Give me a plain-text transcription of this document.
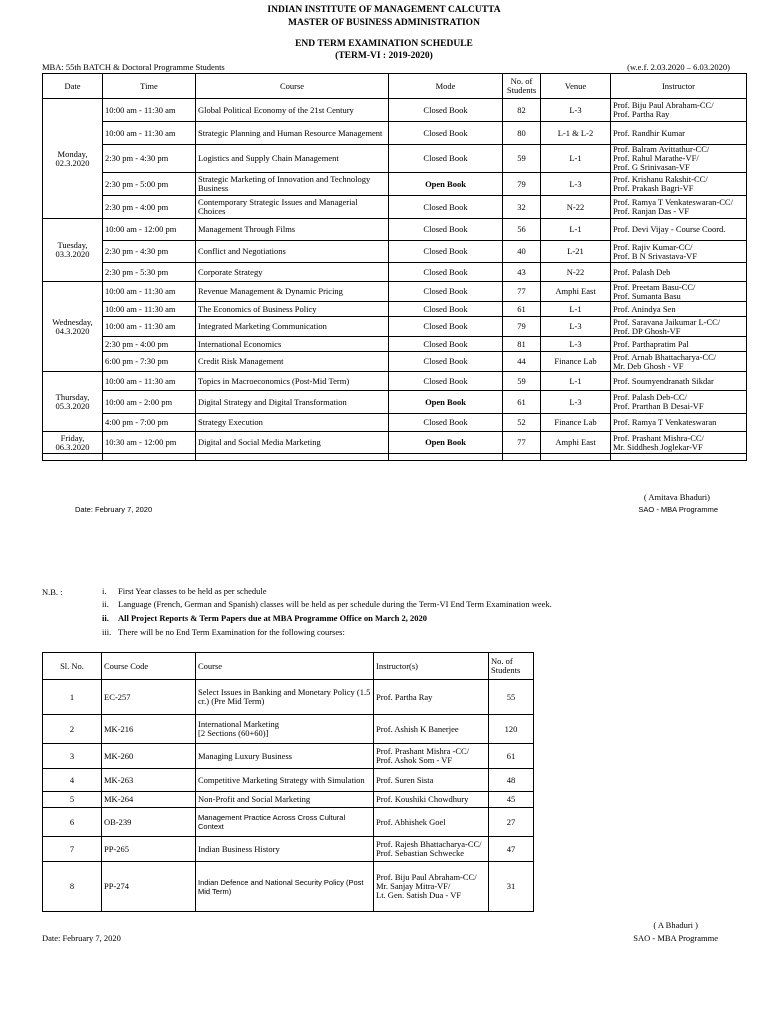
INDIAN INSTITUTE OF MANAGEMENT CALCUTTA
MASTER OF BUSINESS ADMINISTRATION
END TERM EXAMINATION SCHEDULE
(TERM-VI : 2019-2020)
MBA: 55th BATCH & Doctoral Programme Students	(w.e.f. 2.03.2020 – 6.03.2020)
Date	Time	Course	Mode	No. of Students	Venue	Instructor
Monday,
02.3.2020	10:00 am - 11:30 am	Global Political Economy of the 21st Century	Closed Book	82	L-3	Prof. Biju Paul Abraham-CC/
Prof. Partha Ray
	10:00 am - 11:30 am	Strategic Planning and Human Resource Management	Closed Book	80	L-1 & L-2	Prof. Randhir Kumar
	2:30 pm - 4:30 pm	Logistics and Supply Chain Management	Closed Book	59	L-1	Prof. Balram Avittathur-CC/
Prof. Rahul Marathe-VF/
Prof. G Srinivasan-VF
	2:30 pm - 5:00 pm	Strategic Marketing of Innovation and Technology Business	Open Book	79	L-3	Prof. Krishanu Rakshit-CC/
Prof. Prakash Bagri-VF
	2:30 pm - 4:00 pm	Contemporary Strategic Issues and Managerial Choices	Closed Book	32	N-22	Prof. Ramya T Venkateswaran-CC/
Prof. Ranjan Das - VF
Tuesday,
03.3.2020	10:00 am - 12:00 pm	Management Through Films	Closed Book	56	L-1	Prof. Devi Vijay - Course Coord.
	2:30 pm - 4:30 pm	Conflict and Negotiations	Closed Book	40	L-21	Prof. Rajiv Kumar-CC/
Prof. B N Srivastava-VF
	2:30 pm - 5:30 pm	Corporate Strategy	Closed Book	43	N-22	Prof. Palash Deb
Wednesday,
04.3.2020	10:00 am - 11:30 am	Revenue Management & Dynamic Pricing	Closed Book	77	Amphi East	Prof. Preetam Basu-CC/
Prof. Sumanta Basu
	10:00 am - 11:30 am	The Economics of Business Policy	Closed Book	61	L-1	Prof. Anindya Sen
	10:00 am - 11:30 am	Integrated Marketing Communication	Closed Book	79	L-3	Prof. Saravana Jaikumar L-CC/
Prof. DP Ghosh-VF
	2:30 pm - 4:00 pm	International Economics	Closed Book	81	L-3	Prof. Parthapratim Pal
	6:00 pm - 7:30 pm	Credit Risk Management	Closed Book	44	Finance Lab	Prof. Arnab Bhattacharya-CC/
Mr. Deb Ghosh - VF
Thursday,
05.3.2020	10:00 am - 11:30 am	Topics in Macroeconomics (Post-Mid Term)	Closed Book	59	L-1	Prof. Soumyendranath Sikdar
	10:00 am - 2:00 pm	Digital Strategy and Digital Transformation	Open Book	61	L-3	Prof. Palash Deb-CC/
Prof. Prarthan B Desai-VF
	4:00 pm - 7:00 pm	Strategy Execution	Closed Book	52	Finance Lab	Prof. Ramya T Venkateswaran
Friday,
06.3.2020	10:30 am - 12:00 pm	Digital and Social Media Marketing	Open Book	77	Amphi East	Prof. Prashant Mishra-CC/
Mr. Siddhesh Joglekar-VF

( Amitava Bhaduri)
SAO - MBA Programme
Date: February 7, 2020
N.B. :	i. First Year classes to be held as per schedule
ii. Language (French, German and Spanish) classes will be held as per schedule during the Term-VI End Term Examination week.
ii. All Project Reports & Term Papers due at MBA Programme Office on March 2, 2020
iii. There will be no End Term Examination for the following courses:
Sl. No.	Course Code	Course	Instructor(s)	No. of Students
1	EC-257	Select Issues in Banking and Monetary Policy (1.5 cr.) (Pre Mid Term)	Prof. Partha Ray	55
2	MK-216	International Marketing
[2 Sections (60+60)]	Prof. Ashish K Banerjee	120
3	MK-260	Managing Luxury Business	Prof. Prashant Mishra -CC/
Prof. Ashok Som - VF	61
4	MK-263	Competitive Marketing Strategy with Simulation	Prof. Suren Sista	48
5	MK-264	Non-Profit and Social Marketing	Prof. Koushiki Chowdhury	45
6	OB-239	Management Practice Across Cross Cultural Context	Prof. Abhishek Goel	27
7	PP-265	Indian Business History	Prof. Rajesh Bhattacharya-CC/
Prof. Sebastian Schwecke	47
8	PP-274	Indian Defence and National Security Policy (Post Mid Term)	Prof. Biju Paul Abraham-CC/
Mr. Sanjay Mitra-VF/
Lt. Gen. Satish Dua - VF	31
( A Bhaduri )
SAO - MBA Programme
Date: February 7, 2020
